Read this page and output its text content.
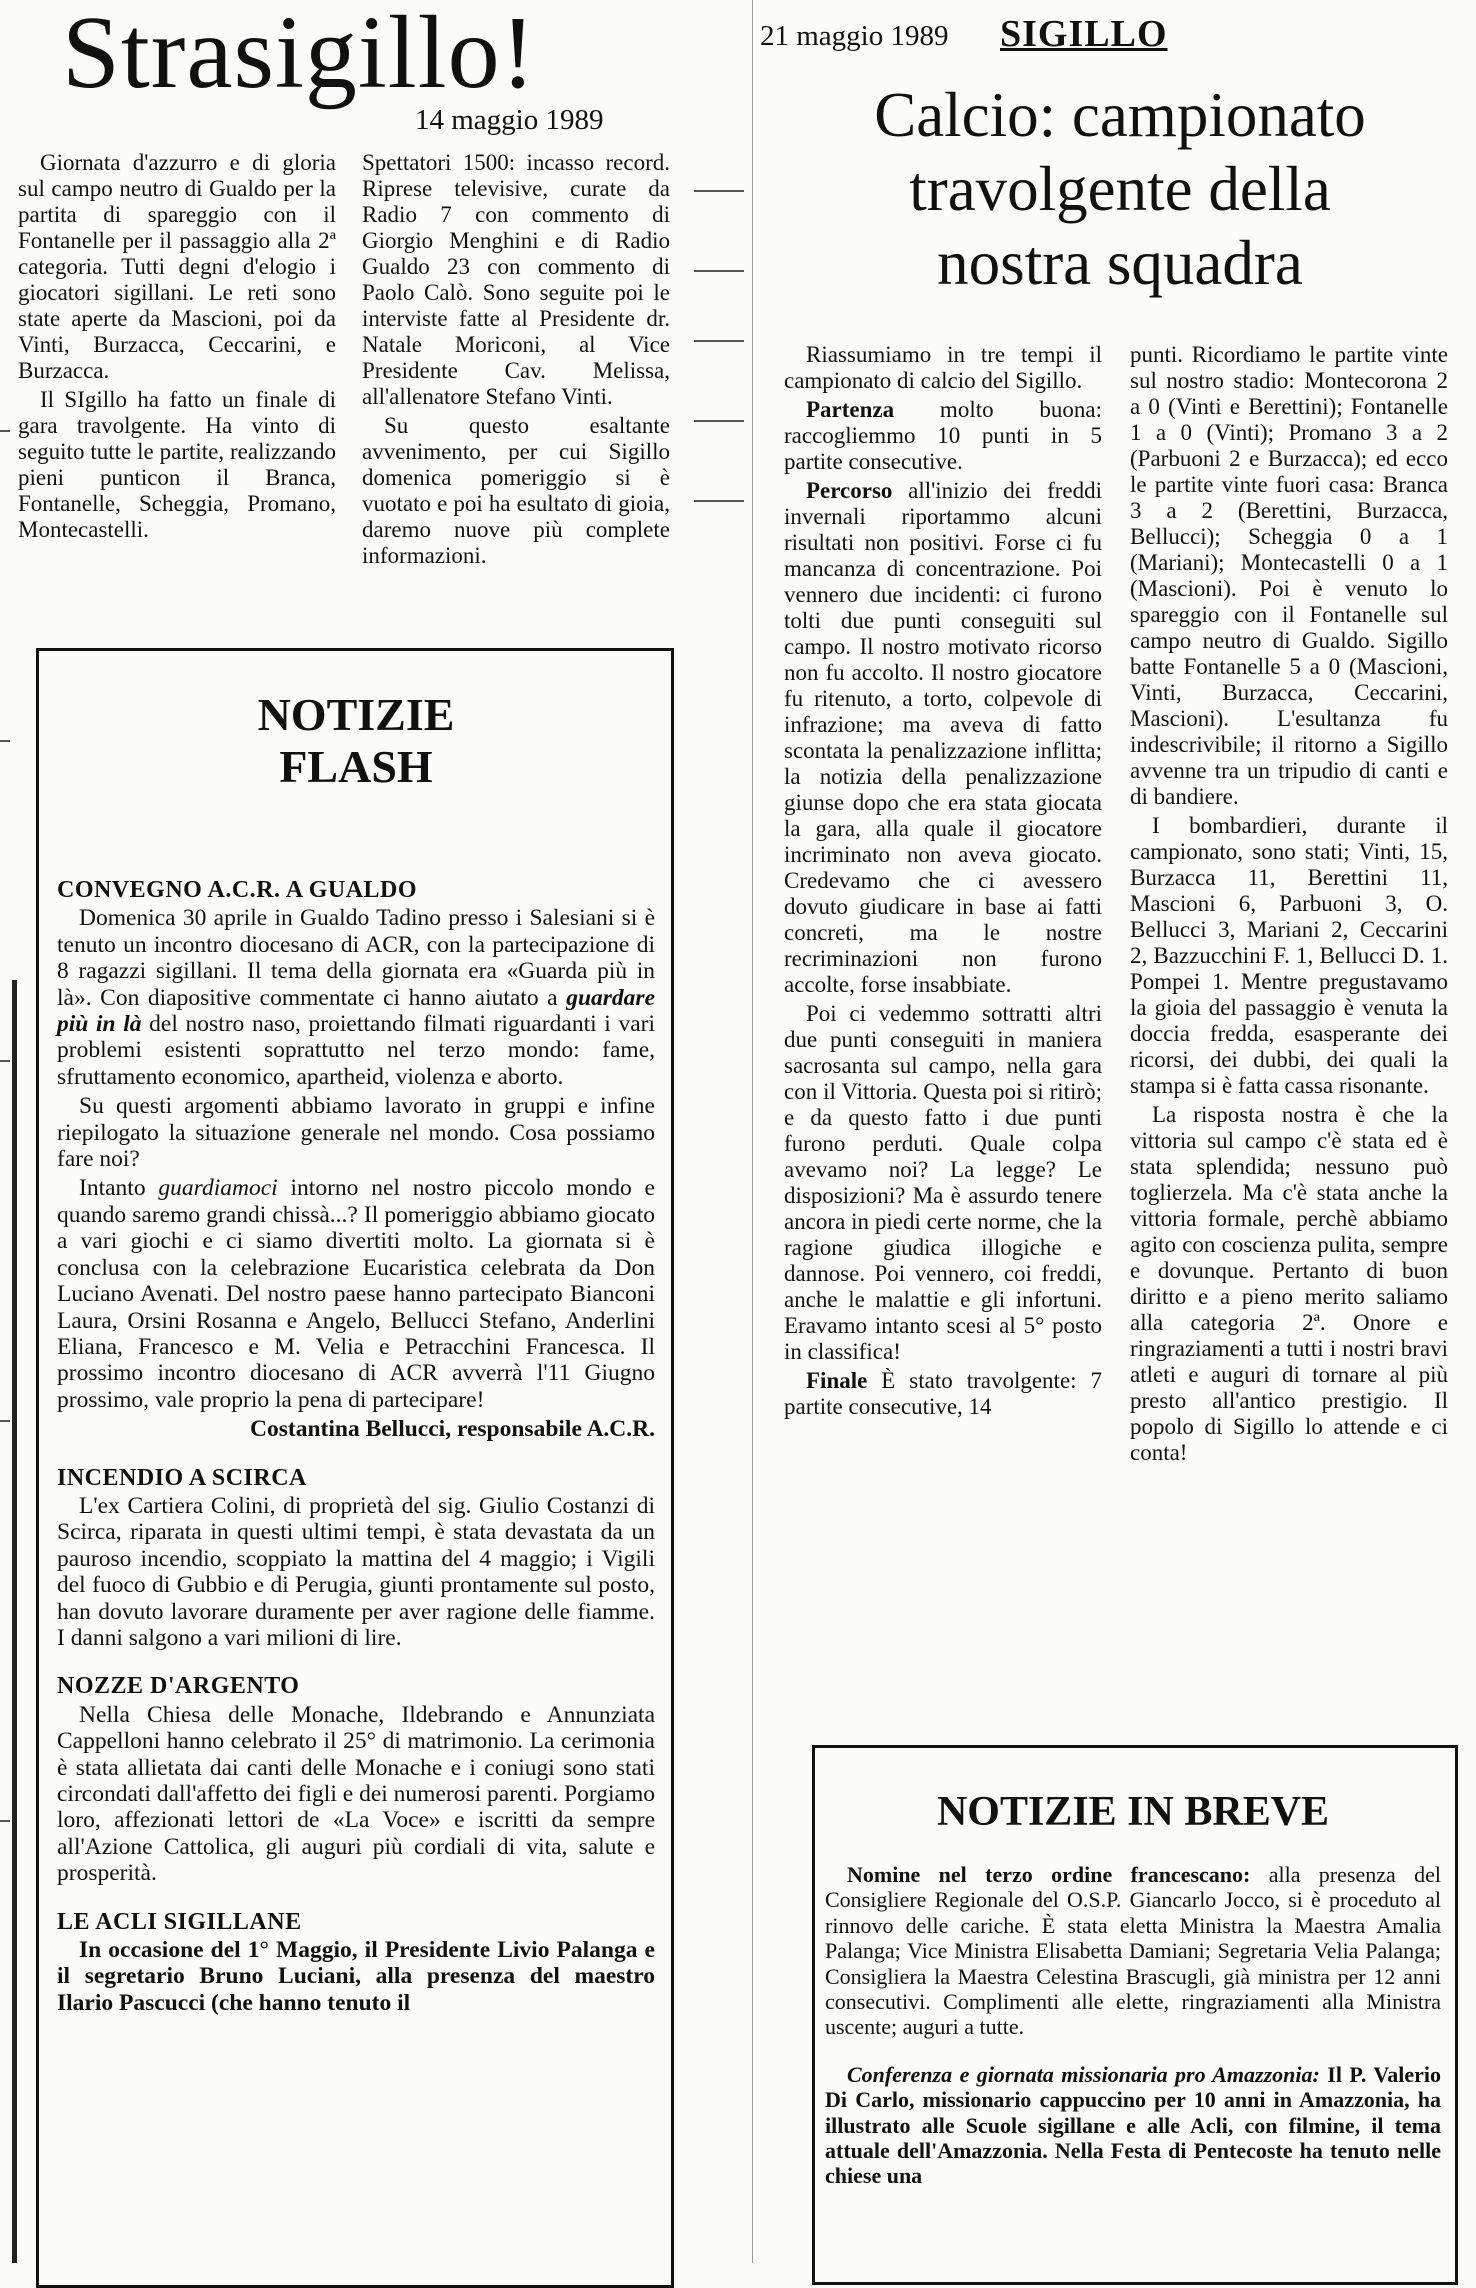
Strasigillo!
14 maggio 1989

Giornata d'azzurro e di gloria sul campo neutro di Gualdo per la partita di spareggio con il Fontanelle per il passaggio alla 2ª categoria. Tutti degni d'elogio i giocatori sigillani. Le reti sono state aperte da Mascioni, poi da Vinti, Burzacca, Ceccarini, e Burzacca.

Il SIgillo ha fatto un finale di gara travolgente. Ha vinto di seguito tutte le partite, realizzando pieni punticon il Branca, Fontanelle, Scheggia, Promano, Montecastelli.

Spettatori 1500: incasso record. Riprese televisive, curate da Radio 7 con commento di Giorgio Menghini e di Radio Gualdo 23 con commento di Paolo Calò. Sono seguite poi le interviste fatte al Presidente dr. Natale Moriconi, al Vice Presidente Cav. Melissa, all'allenatore Stefano Vinti.

Su questo esaltante avvenimento, per cui Sigillo domenica pomeriggio si è vuotato e poi ha esultato di gioia, daremo nuove più complete informazioni.

NOTIZIE
FLASH
CONVEGNO A.C.R. A GUALDO

Domenica 30 aprile in Gualdo Tadino presso i Salesiani si è tenuto un incontro diocesano di ACR, con la partecipazione di 8 ragazzi sigillani. Il tema della giornata era «Guarda più in là». Con diapositive commentate ci hanno aiutato a guardare più in là del nostro naso, proiettando filmati riguardanti i vari problemi esistenti soprattutto nel terzo mondo: fame, sfruttamento economico, apartheid, violenza e aborto.

Su questi argomenti abbiamo lavorato in gruppi e infine riepilogato la situazione generale nel mondo. Cosa possiamo fare noi?

Intanto guardiamoci intorno nel nostro piccolo mondo e quando saremo grandi chissà...? Il pomeriggio abbiamo giocato a vari giochi e ci siamo divertiti molto. La giornata si è conclusa con la celebrazione Eucaristica celebrata da Don Luciano Avenati. Del nostro paese hanno partecipato Bianconi Laura, Orsini Rosanna e Angelo, Bellucci Stefano, Anderlini Eliana, Francesco e M. Velia e Petracchini Francesca. Il prossimo incontro diocesano di ACR avverrà l'11 Giugno prossimo, vale proprio la pena di partecipare!

Costantina Bellucci, responsabile A.C.R.

INCENDIO A SCIRCA

L'ex Cartiera Colini, di proprietà del sig. Giulio Costanzi di Scirca, riparata in questi ultimi tempi, è stata devastata da un pauroso incendio, scoppiato la mattina del 4 maggio; i Vigili del fuoco di Gubbio e di Perugia, giunti prontamente sul posto, han dovuto lavorare duramente per aver ragione delle fiamme. I danni salgono a vari milioni di lire.

NOZZE D'ARGENTO

Nella Chiesa delle Monache, Ildebrando e Annunziata Cappelloni hanno celebrato il 25° di matrimonio. La cerimonia è stata allietata dai canti delle Monache e i coniugi sono stati circondati dall'affetto dei figli e dei numerosi parenti. Porgiamo loro, affezionati lettori de «La Voce» e iscritti da sempre all'Azione Cattolica, gli auguri più cordiali di vita, salute e prosperità.

LE ACLI SIGILLANE

In occasione del 1° Maggio, il Presidente Livio Palanga e il segretario Bruno Luciani, alla presenza del maestro Ilario Pascucci (che hanno tenuto il

21 maggio 1989 SIGILLO
Calcio: campionato
travolgente della
nostra squadra

Riassumiamo in tre tempi il campionato di calcio del Sigillo.

Partenza molto buona: raccogliemmo 10 punti in 5 partite consecutive.

Percorso all'inizio dei freddi invernali riportammo alcuni risultati non positivi. Forse ci fu mancanza di concentrazione. Poi vennero due incidenti: ci furono tolti due punti conseguiti sul campo. Il nostro motivato ricorso non fu accolto. Il nostro giocatore fu ritenuto, a torto, colpevole di infrazione; ma aveva di fatto scontata la penalizzazione inflitta; la notizia della penalizzazione giunse dopo che era stata giocata la gara, alla quale il giocatore incriminato non aveva giocato. Credevamo che ci avessero dovuto giudicare in base ai fatti concreti, ma le nostre recriminazioni non furono accolte, forse insabbiate.

Poi ci vedemmo sottratti altri due punti conseguiti in maniera sacrosanta sul campo, nella gara con il Vittoria. Questa poi si ritirò; e da questo fatto i due punti furono perduti. Quale colpa avevamo noi? La legge? Le disposizioni? Ma è assurdo tenere ancora in piedi certe norme, che la ragione giudica illogiche e dannose. Poi vennero, coi freddi, anche le malattie e gli infortuni. Eravamo intanto scesi al 5° posto in classifica!

Finale È stato travolgente: 7 partite consecutive, 14

punti. Ricordiamo le partite vinte sul nostro stadio: Montecorona 2 a 0 (Vinti e Berettini); Fontanelle 1 a 0 (Vinti); Promano 3 a 2 (Parbuoni 2 e Burzacca); ed ecco le partite vinte fuori casa: Branca 3 a 2 (Berettini, Burzacca, Bellucci); Scheggia 0 a 1 (Mariani); Montecastelli 0 a 1 (Mascioni). Poi è venuto lo spareggio con il Fontanelle sul campo neutro di Gualdo. Sigillo batte Fontanelle 5 a 0 (Mascioni, Vinti, Burzacca, Ceccarini, Mascioni). L'esultanza fu indescrivibile; il ritorno a Sigillo avvenne tra un tripudio di canti e di bandiere.

I bombardieri, durante il campionato, sono stati; Vinti, 15, Burzacca 11, Berettini 11, Mascioni 6, Parbuoni 3, O. Bellucci 3, Mariani 2, Ceccarini 2, Bazzucchini F. 1, Bellucci D. 1. Pompei 1. Mentre pregustavamo la gioia del passaggio è venuta la doccia fredda, esasperante dei ricorsi, dei dubbi, dei quali la stampa si è fatta cassa risonante.

La risposta nostra è che la vittoria sul campo c'è stata ed è stata splendida; nessuno può toglierzela. Ma c'è stata anche la vittoria formale, perchè abbiamo agito con coscienza pulita, sempre e dovunque. Pertanto di buon diritto e a pieno merito saliamo alla categoria 2ª. Onore e ringraziamenti a tutti i nostri bravi atleti e auguri di tornare al più presto all'antico prestigio. Il popolo di Sigillo lo attende e ci conta!

NOTIZIE IN BREVE

Nomine nel terzo ordine francescano: alla presenza del Consigliere Regionale del O.S.P. Giancarlo Jocco, si è proceduto al rinnovo delle cariche. È stata eletta Ministra la Maestra Amalia Palanga; Vice Ministra Elisabetta Damiani; Segretaria Velia Palanga; Consigliera la Maestra Celestina Brascugli, già ministra per 12 anni consecutivi. Complimenti alle elette, ringraziamenti alla Ministra uscente; auguri a tutte.

Conferenza e giornata missionaria pro Amazzonia: Il P. Valerio Di Carlo, missionario cappuccino per 10 anni in Amazzonia, ha illustrato alle Scuole sigillane e alle Acli, con filmine, il tema attuale dell'Amazzonia. Nella Festa di Pentecoste ha tenuto nelle chiese una
